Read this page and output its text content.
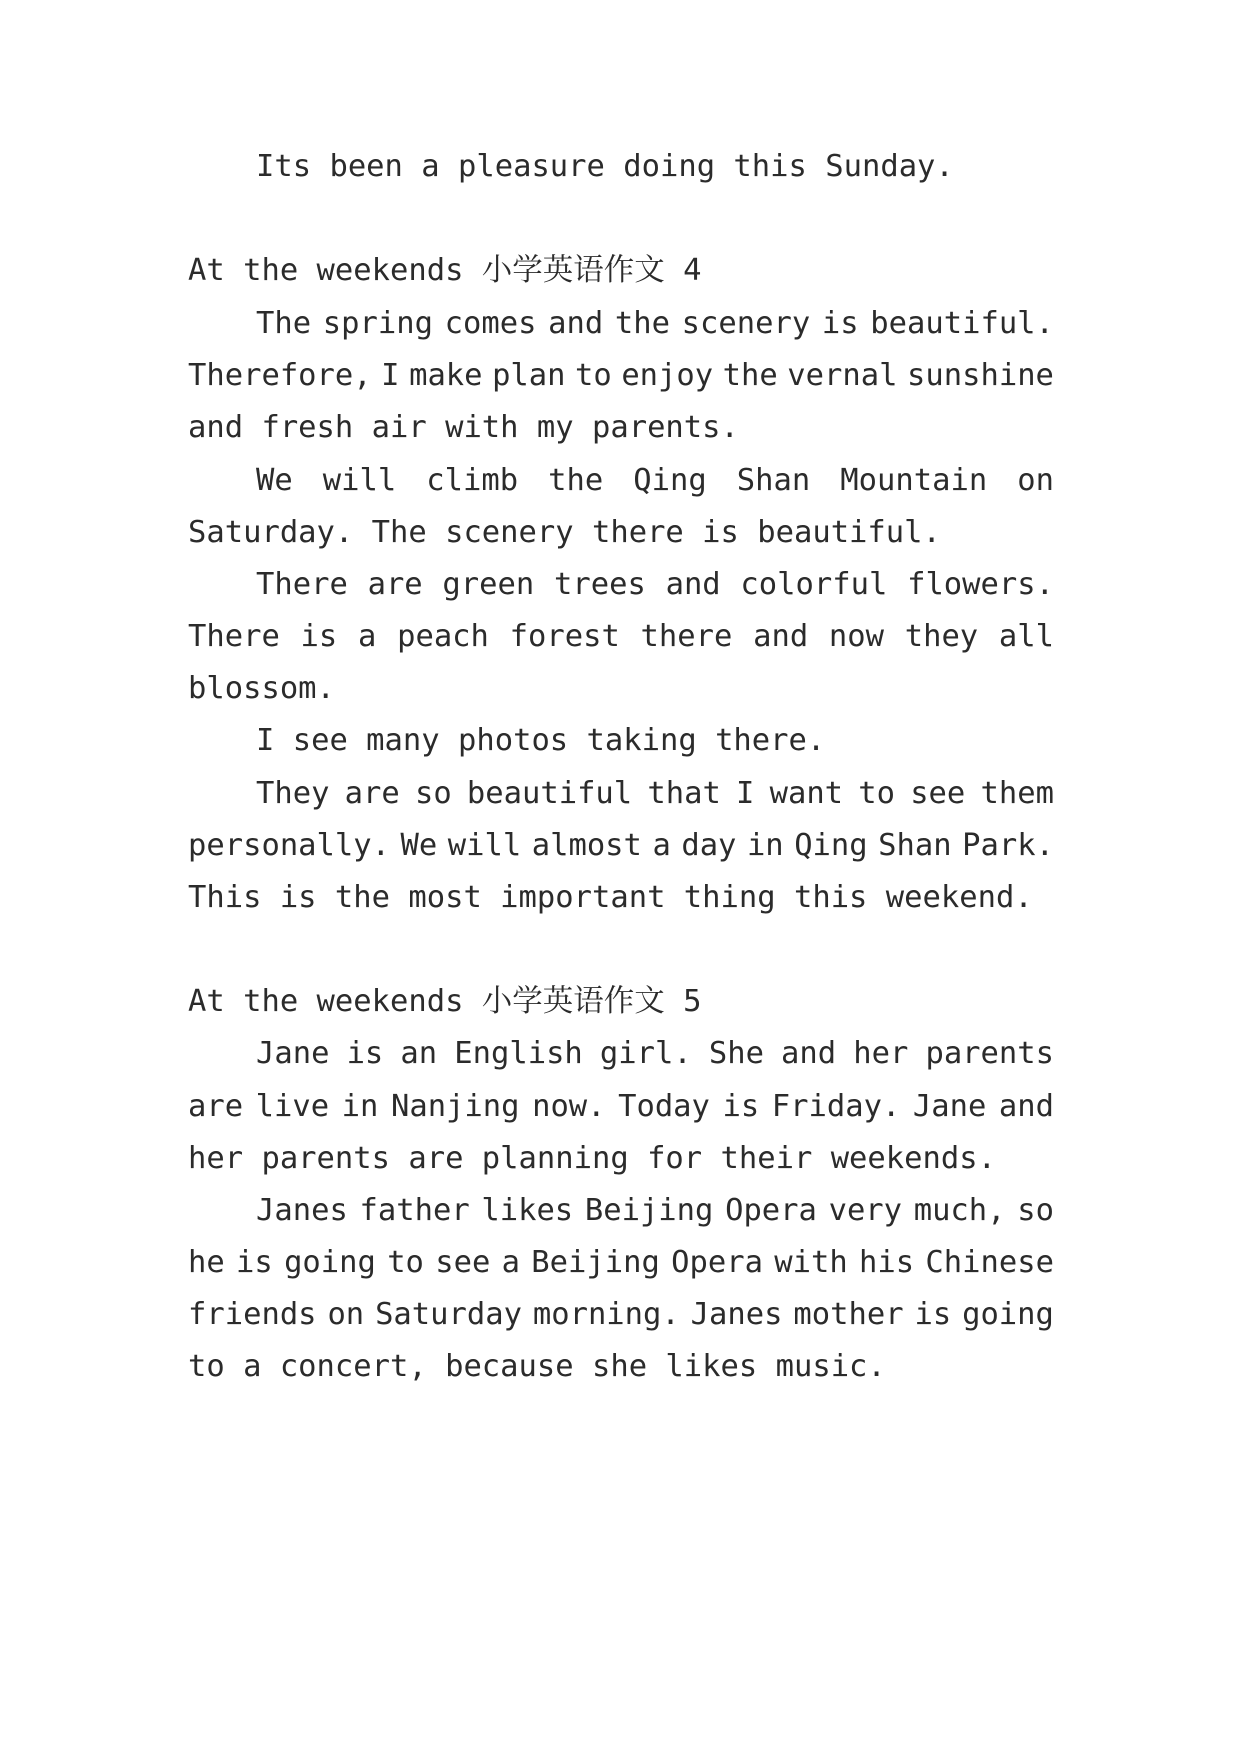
Its been a pleasure doing this Sunday.
At the weekends 小学英语作文 4
The spring comes and the scenery is beautiful.
Therefore, I make plan to enjoy the vernal sunshine
and fresh air with my parents.
We will climb the Qing Shan Mountain on
Saturday. The scenery there is beautiful.
There are green trees and colorful flowers.
There is a peach forest there and now they all
blossom.
I see many photos taking there.
They are so beautiful that I want to see them
personally. We will almost a day in Qing Shan Park.
This is the most important thing this weekend.
At the weekends 小学英语作文 5
Jane is an English girl. She and her parents
are live in Nanjing now. Today is Friday. Jane and
her parents are planning for their weekends.
Janes father likes Beijing Opera very much, so
he is going to see a Beijing Opera with his Chinese
friends on Saturday morning. Janes mother is going
to a concert, because she likes music.
